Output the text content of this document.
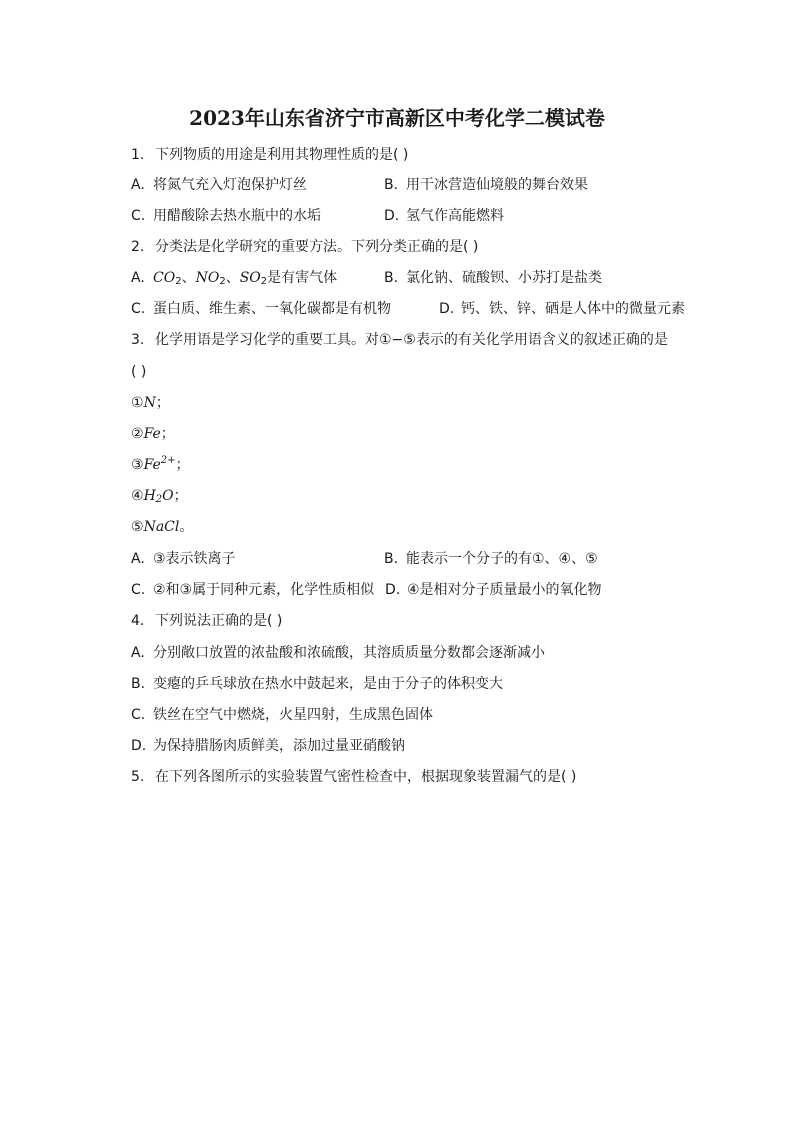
2023年山东省济宁市高新区中考化学二模试卷
1. 下列物质的用途是利用其物理性质的是( )
A. 将氮气充入灯泡保护灯丝	B. 用干冰营造仙境般的舞台效果
C. 用醋酸除去热水瓶中的水垢	D. 氢气作高能燃料
2. 分类法是化学研究的重要方法。下列分类正确的是( )
A. $CO_2$、$NO_2$、$SO_2$是有害气体	B. 氯化钠、硫酸钡、小苏打是盐类
C. 蛋白质、维生素、一氧化碳都是有机物	D. 钙、铁、锌、硒是人体中的微量元素
3. 化学用语是学习化学的重要工具。对①−⑤表示的有关化学用语含义的叙述正确的是
( )
①N；
②Fe；
$③Fe^{2+}$；
$④H_2O$；
⑤NaCl。
A. ③表示铁离子	B. 能表示一个分子的有①、④、⑤
C. ②和③属于同种元素，化学性质相似 D. ④是相对分子质量最小的氧化物
4. 下列说法正确的是( )
A. 分别敞口放置的浓盐酸和浓硫酸，其溶质质量分数都会逐渐减小
B. 变瘪的乒乓球放在热水中鼓起来，是由于分子的体积变大
C. 铁丝在空气中燃烧，火星四射，生成黑色固体
D. 为保持腊肠肉质鲜美，添加过量亚硝酸钠
5. 在下列各图所示的实验装置气密性检查中，根据现象装置漏气的是( )
